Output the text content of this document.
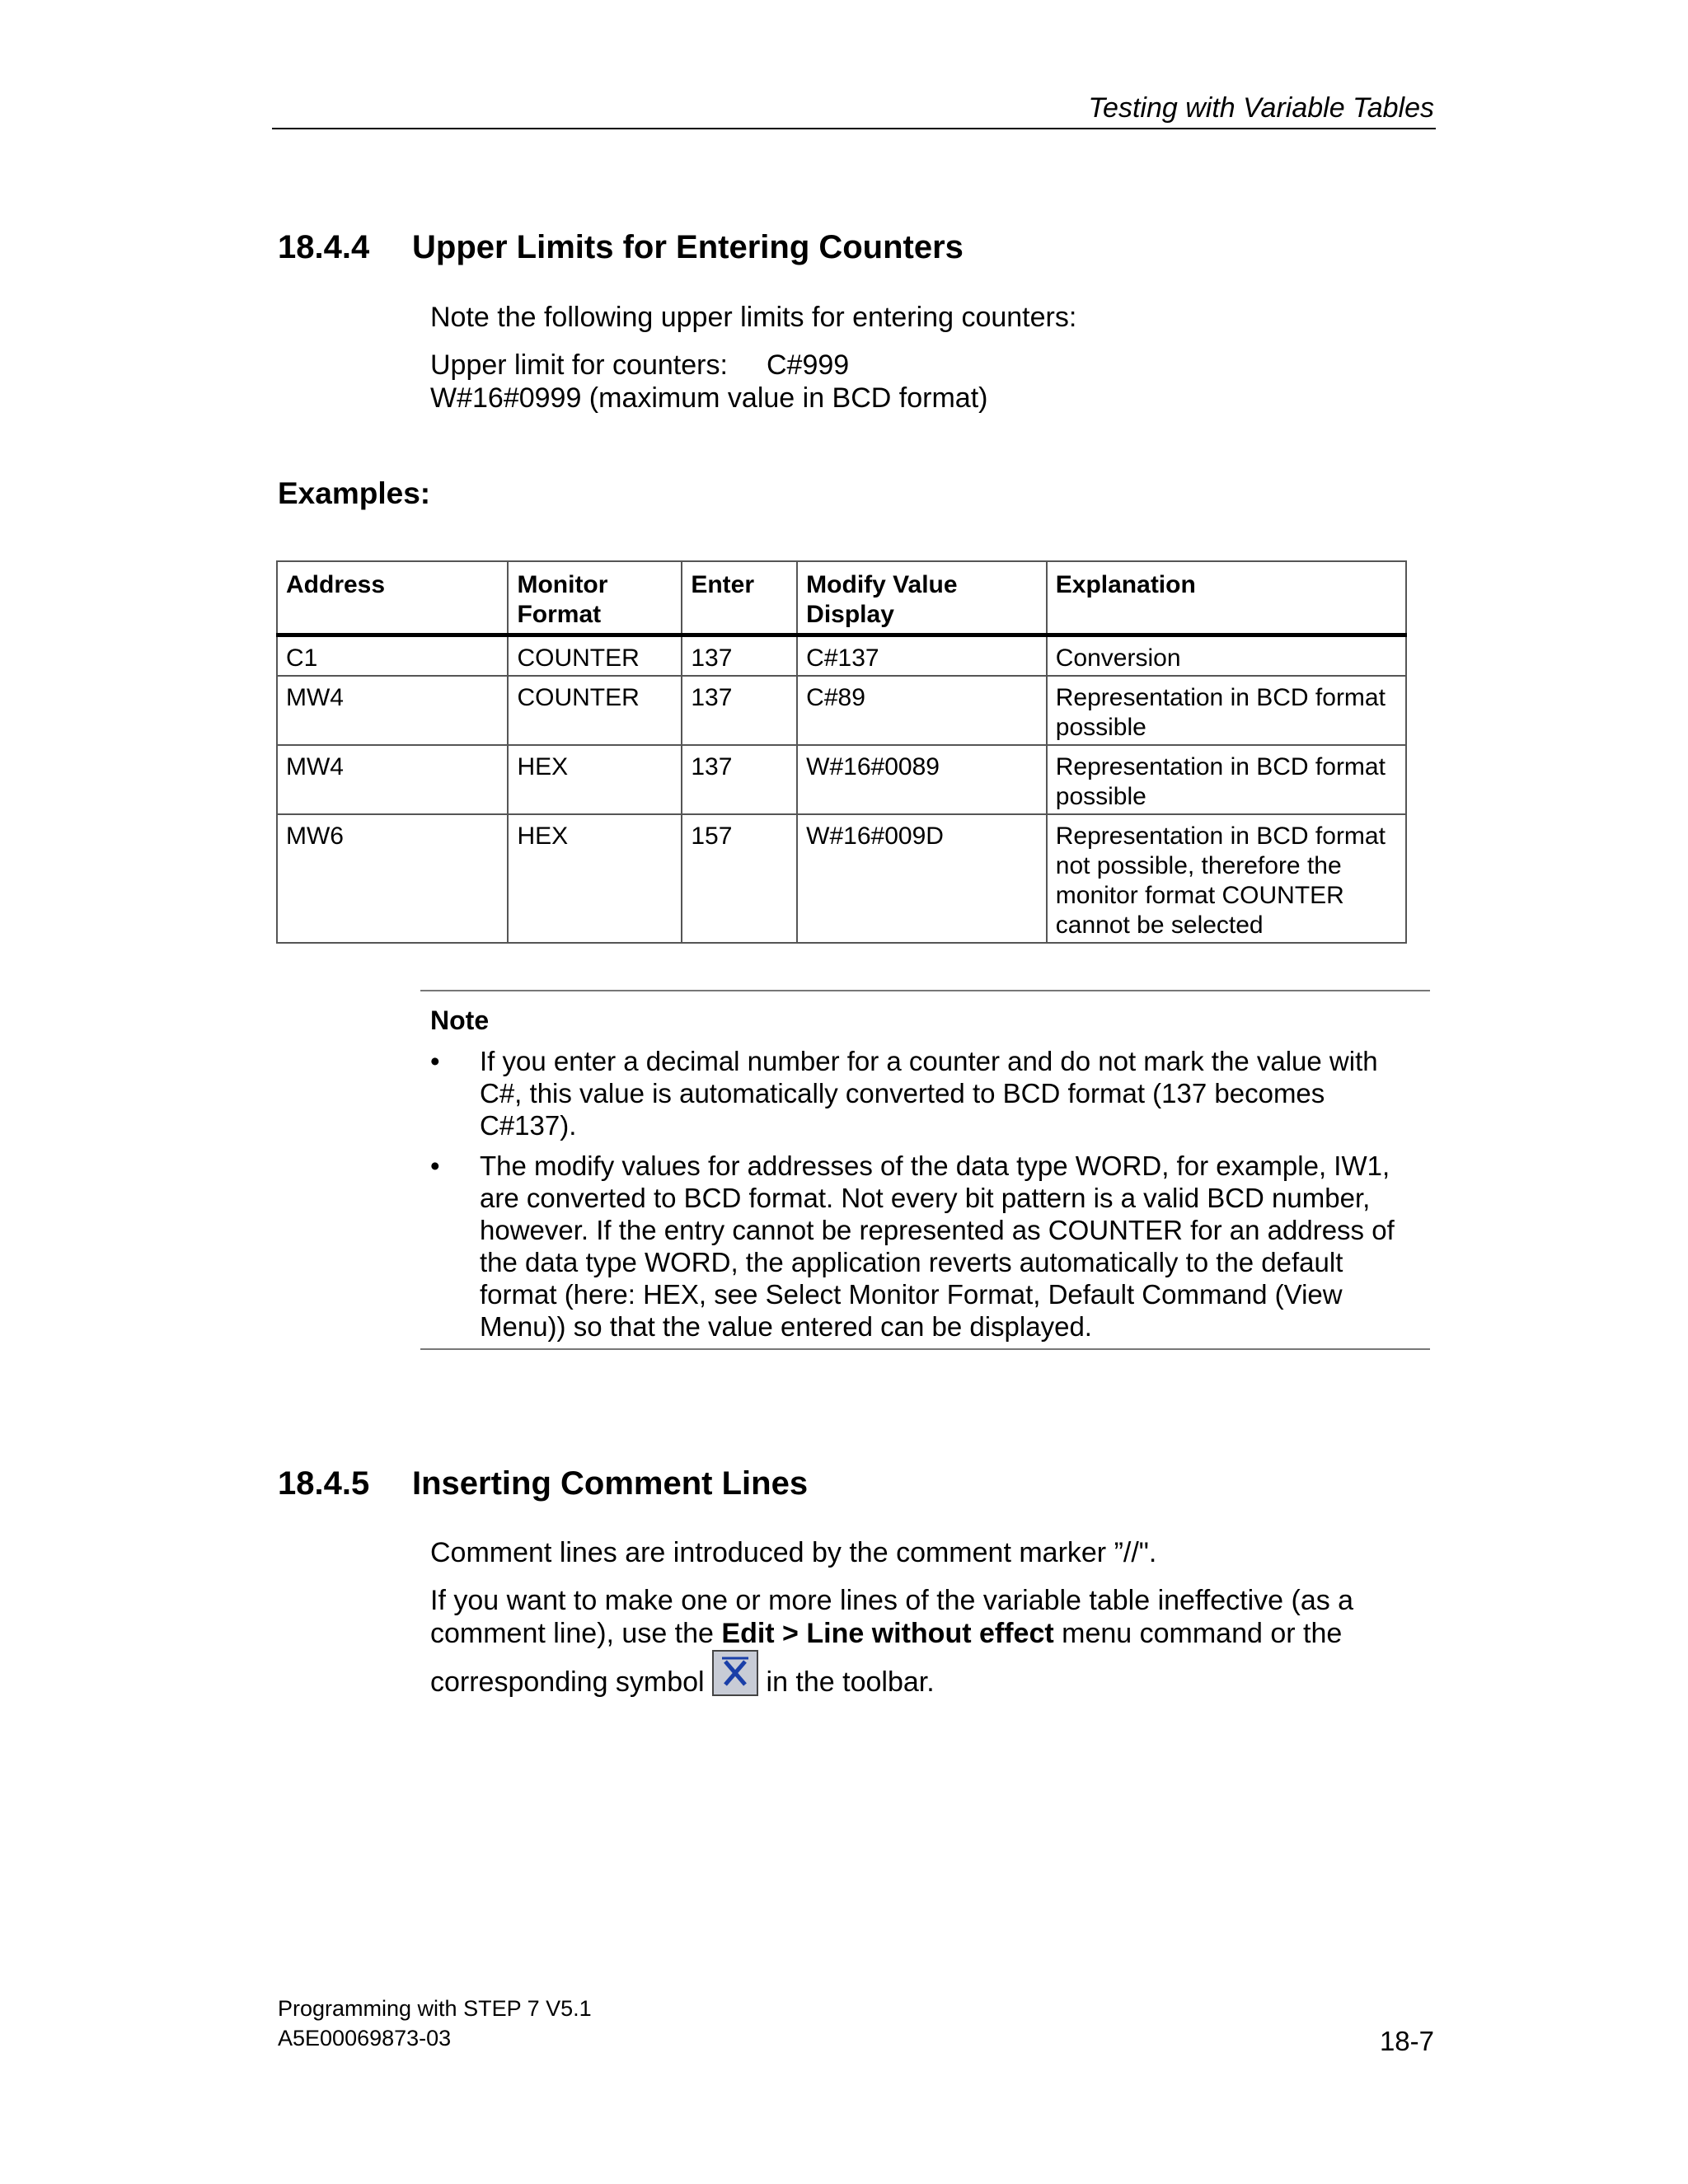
Testing with Variable Tables
18.4.4 Upper Limits for Entering Counters
Note the following upper limits for entering counters:
Upper limit for counters: C#999
W#16#0999 (maximum value in BCD format)
Examples:
Address	Monitor Format	Enter	Modify Value Display	Explanation
C1	COUNTER	137	C#137	Conversion
MW4	COUNTER	137	C#89	Representation in BCD format possible
MW4	HEX	137	W#16#0089	Representation in BCD format possible
MW6	HEX	157	W#16#009D	Representation in BCD format not possible, therefore the monitor format COUNTER cannot be selected
Note
• If you enter a decimal number for a counter and do not mark the value with C#, this value is automatically converted to BCD format (137 becomes C#137).
• The modify values for addresses of the data type WORD, for example, IW1, are converted to BCD format. Not every bit pattern is a valid BCD number, however. If the entry cannot be represented as COUNTER for an address of the data type WORD, the application reverts automatically to the default format (here: HEX, see Select Monitor Format, Default Command (View Menu)) so that the value entered can be displayed.
18.4.5 Inserting Comment Lines
Comment lines are introduced by the comment marker ”//".
If you want to make one or more lines of the variable table ineffective (as a comment line), use the Edit > Line without effect menu command or the corresponding symbol
in the toolbar.
Programming with STEP 7 V5.1
A5E00069873-03	18-7
